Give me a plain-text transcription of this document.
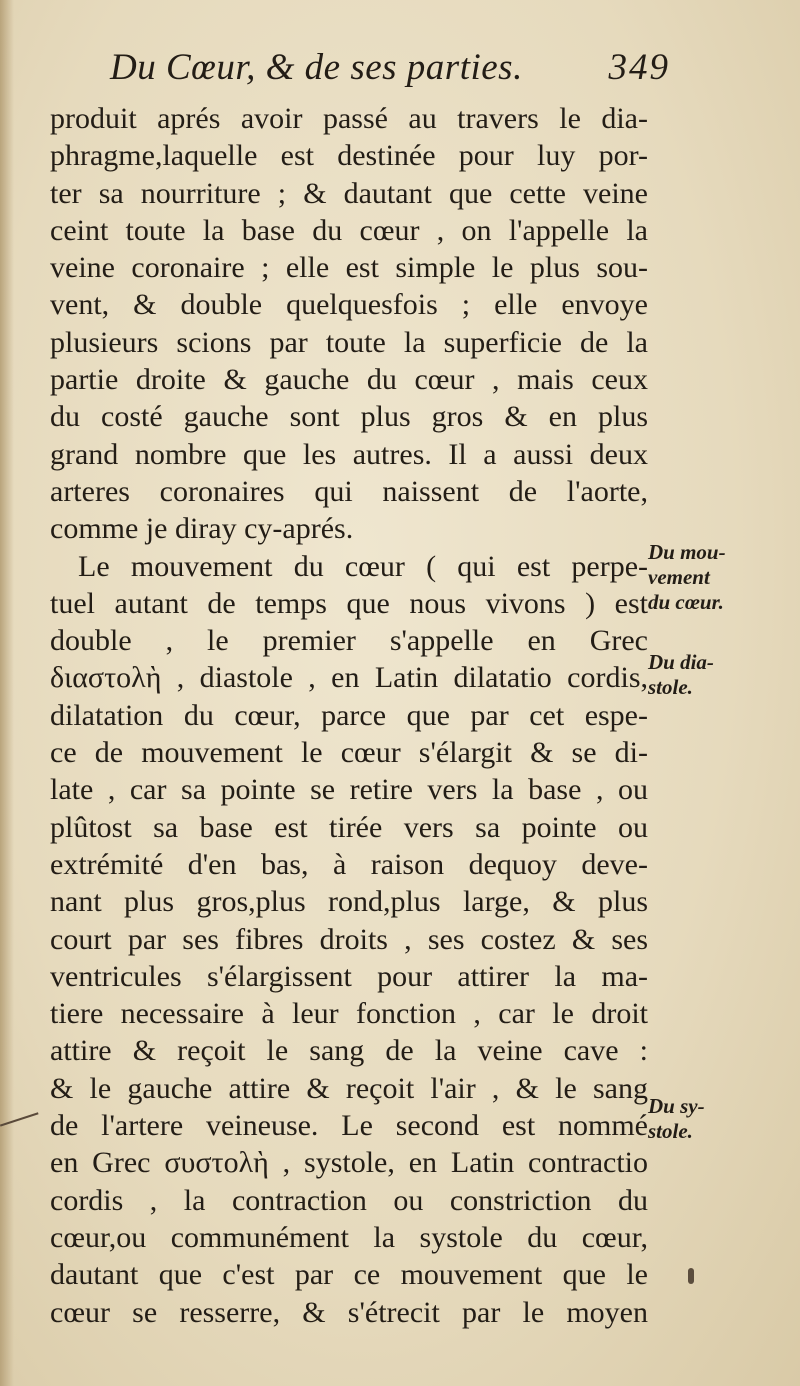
Du Cœur, & de ses parties. 349
produit aprés avoir passé au travers le dia-
phragme,laquelle est destinée pour luy por-
ter sa nourriture ; & dautant que cette veine
ceint toute la base du cœur , on l'appelle la
veine coronaire ; elle est simple le plus sou-
vent, & double quelquesfois ; elle envoye
plusieurs scions par toute la superficie de la
partie droite & gauche du cœur , mais ceux
du costé gauche sont plus gros & en plus
grand nombre que les autres. Il a aussi deux
arteres coronaires qui naissent de l'aorte,
comme je diray cy-aprés.
Le mouvement du cœur ( qui est perpe-
tuel autant de temps que nous vivons ) est
double , le premier s'appelle en Grec
διαστολὴ , diastole , en Latin dilatatio cordis,
dilatation du cœur, parce que par cet espe-
ce de mouvement le cœur s'élargit & se di-
late , car sa pointe se retire vers la base , ou
plûtost sa base est tirée vers sa pointe ou
extrémité d'en bas, à raison dequoy deve-
nant plus gros,plus rond,plus large, & plus
court par ses fibres droits , ses costez & ses
ventricules s'élargissent pour attirer la ma-
tiere necessaire à leur fonction , car le droit
attire & reçoit le sang de la veine cave :
& le gauche attire & reçoit l'air , & le sang
de l'artere veineuse. Le second est nommé
en Grec συστολὴ , systole, en Latin contractio
cordis , la contraction ou constriction du
cœur,ou communément la systole du cœur,
dautant que c'est par ce mouvement que le
cœur se resserre, & s'étrecit par le moyen
Du mou-
vement
du cœur.
Du dia-
stole.
Du sy-
stole.
